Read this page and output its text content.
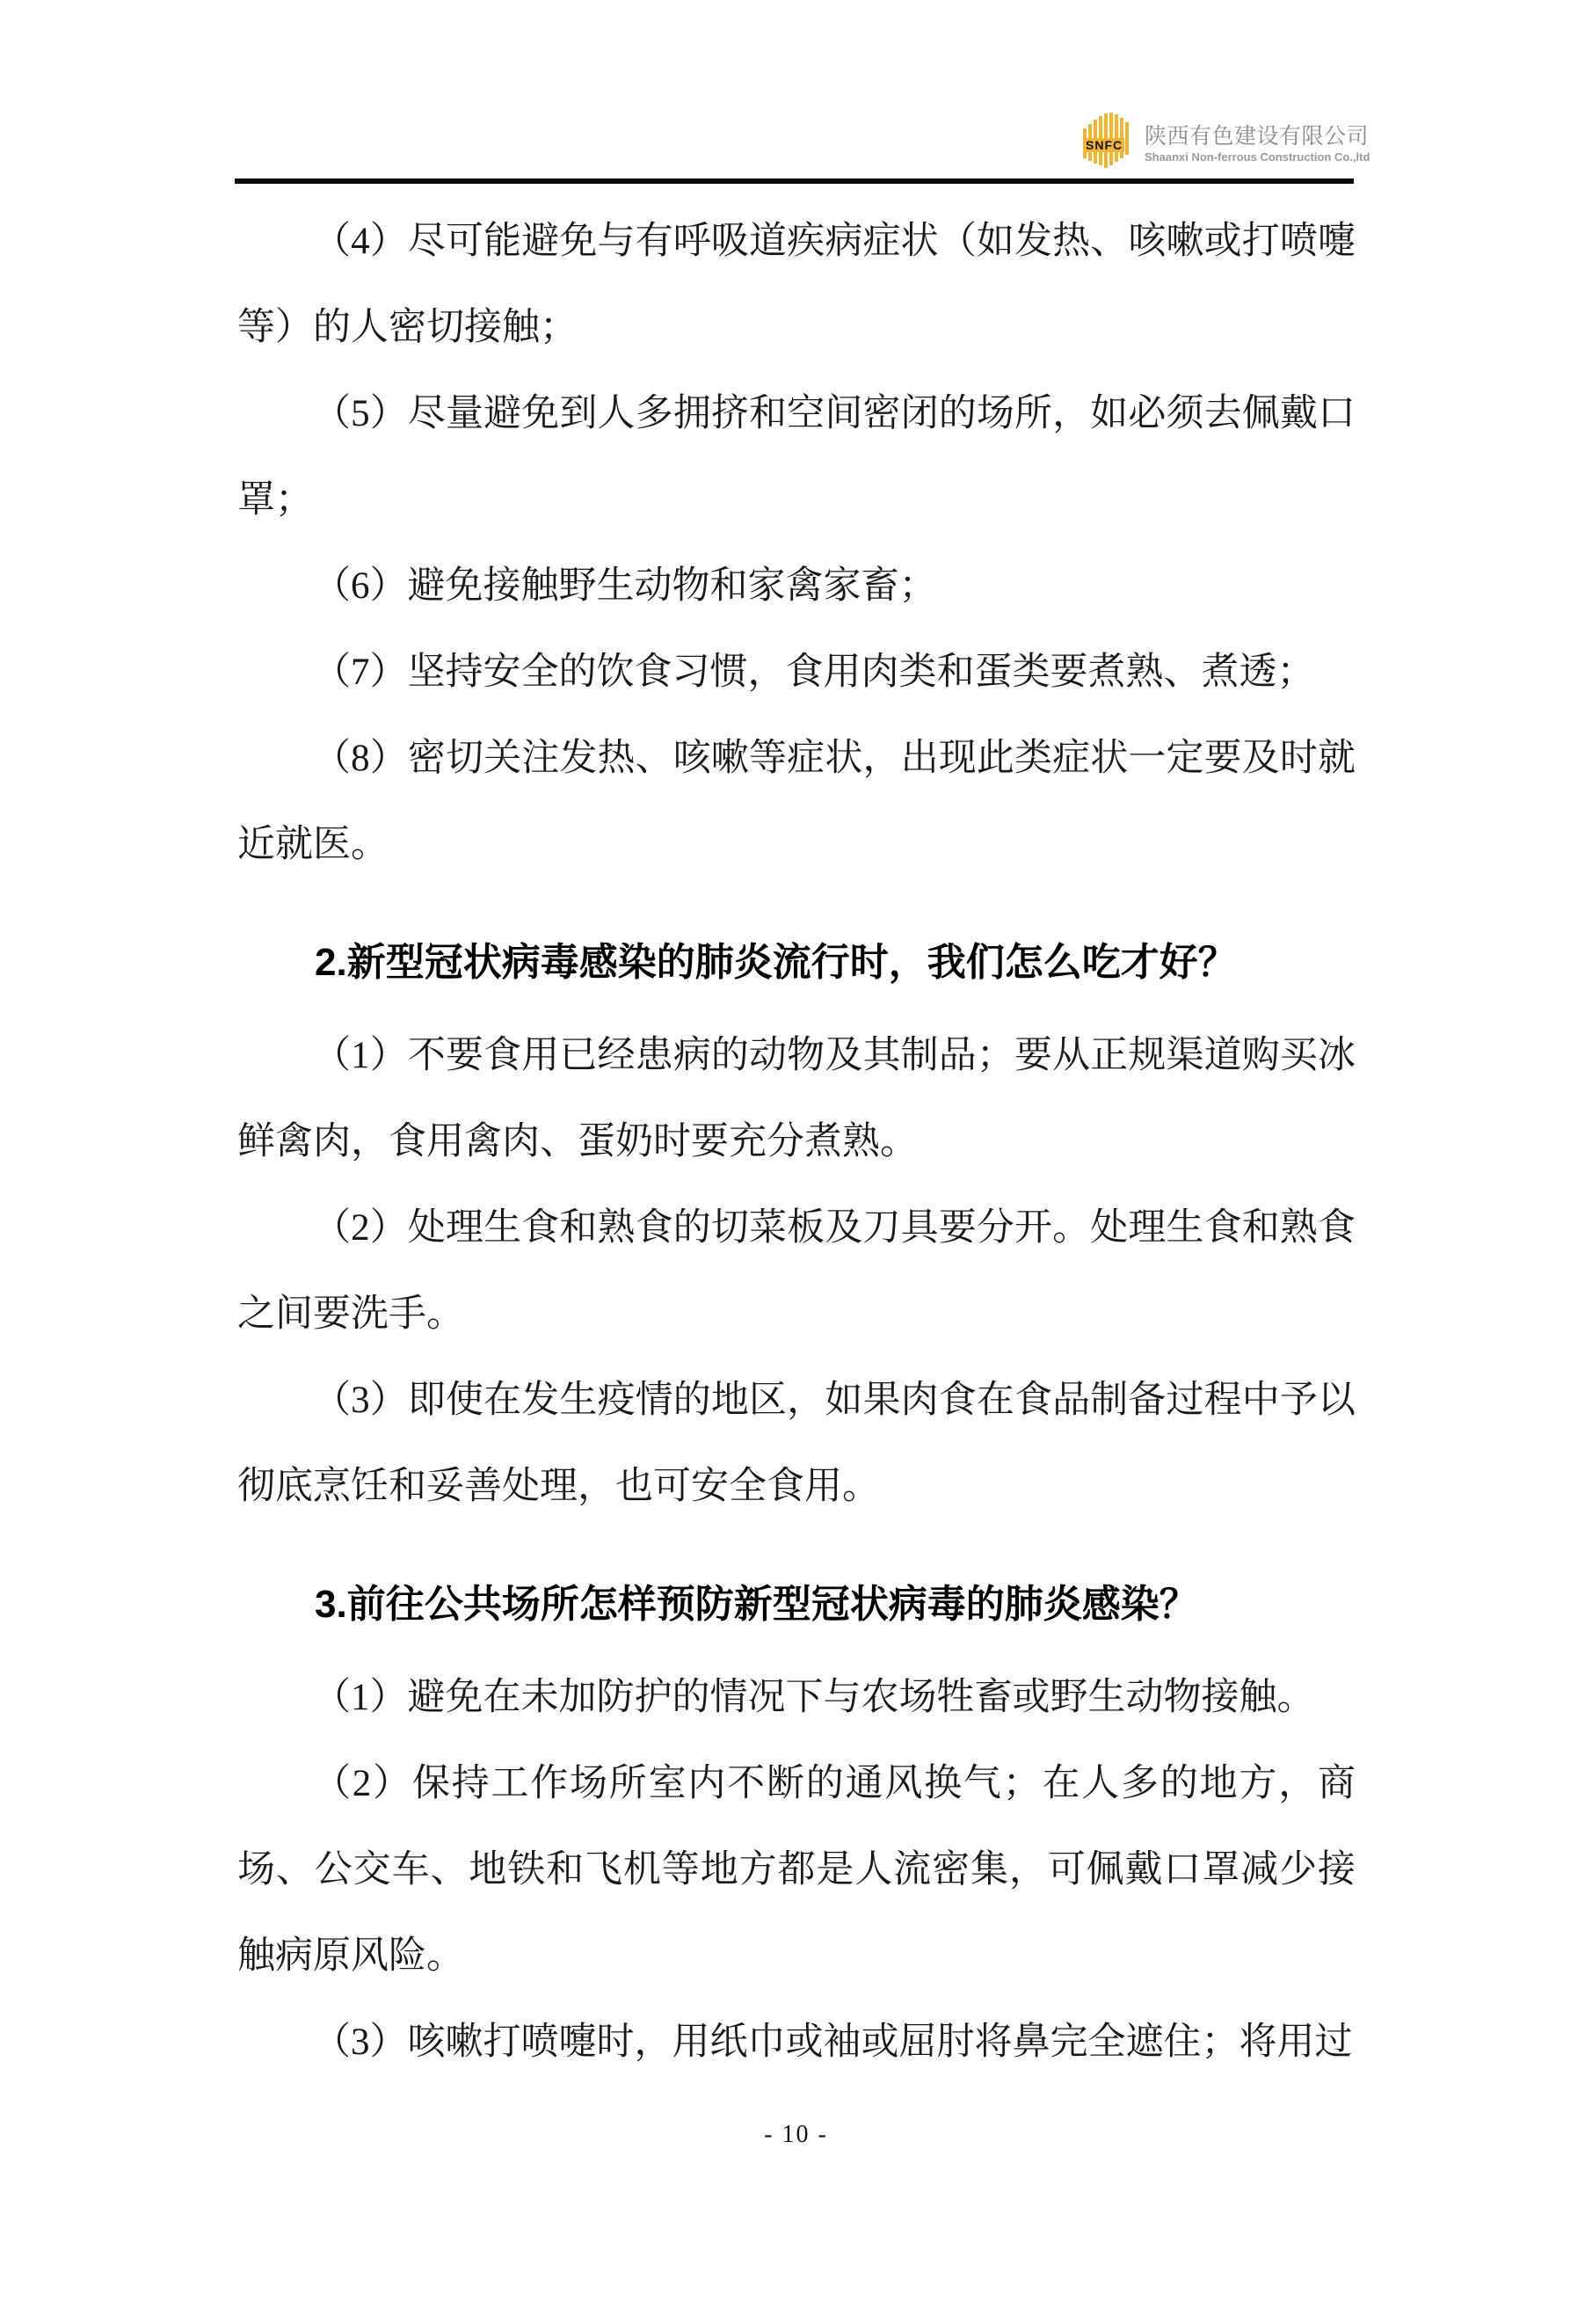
SNFC 陕西有色建设有限公司
Shaanxi Non-ferrous Construction Co.,ltd

（4）尽可能避免与有呼吸道疾病症状（如发热、咳嗽或打喷嚏等）的人密切接触；

（5）尽量避免到人多拥挤和空间密闭的场所，如必须去佩戴口罩；

（6）避免接触野生动物和家禽家畜；

（7）坚持安全的饮食习惯，食用肉类和蛋类要煮熟、煮透；

（8）密切关注发热、咳嗽等症状，出现此类症状一定要及时就近就医。

2.新型冠状病毒感染的肺炎流行时，我们怎么吃才好？

（1）不要食用已经患病的动物及其制品；要从正规渠道购买冰鲜禽肉，食用禽肉、蛋奶时要充分煮熟。

（2）处理生食和熟食的切菜板及刀具要分开。处理生食和熟食之间要洗手。

（3）即使在发生疫情的地区，如果肉食在食品制备过程中予以彻底烹饪和妥善处理，也可安全食用。

3.前往公共场所怎样预防新型冠状病毒的肺炎感染？

（1）避免在未加防护的情况下与农场牲畜或野生动物接触。

（2）保持工作场所室内不断的通风换气；在人多的地方，商场、公交车、地铁和飞机等地方都是人流密集，可佩戴口罩减少接触病原风险。

（3）咳嗽打喷嚏时，用纸巾或袖或屈肘将鼻完全遮住；将用过

- 10 -
